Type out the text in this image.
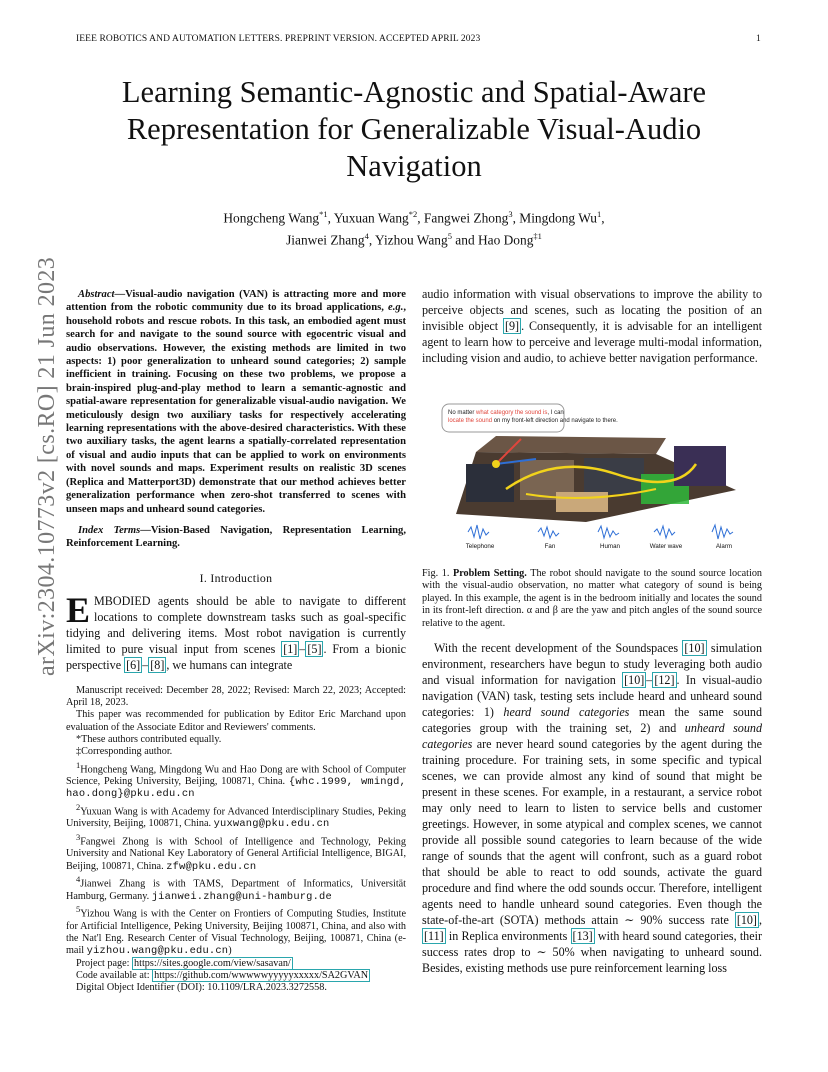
IEEE ROBOTICS AND AUTOMATION LETTERS. PREPRINT VERSION. ACCEPTED APRIL 2023	1
arXiv:2304.10773v2 [cs.RO] 21 Jun 2023
Learning Semantic-Agnostic and Spatial-Aware Representation for Generalizable Visual-Audio Navigation
Hongcheng Wang$^{*1}$, Yuxuan Wang$^{*2}$, Fangwei Zhong$^3$, Mingdong Wu$^1$,
Jianwei Zhang$^4$, Yizhou Wang$^5$ and Hao Dong$^{\ddagger 1}$

Abstract—Visual-audio navigation (VAN) is attracting more and more attention from the robotic community due to its broad applications, e.g., household robots and rescue robots. In this task, an embodied agent must search for and navigate to the sound source with egocentric visual and audio observations. However, the existing methods are limited in two aspects: 1) poor generalization to unheard sound categories; 2) sample inefficient in training. Focusing on these two problems, we propose a brain-inspired plug-and-play method to learn a semantic-agnostic and spatial-aware representation for generalizable visual-audio navigation. We meticulously design two auxiliary tasks for respectively accelerating learning representations with the above-desired characteristics. With these two auxiliary tasks, the agent learns a spatially-correlated representation of visual and audio inputs that can be applied to work on environments with novel sounds and maps. Experiment results on realistic 3D scenes (Replica and Matterport3D) demonstrate that our method achieves better generalization performance when zero-shot transferred to scenes with unseen maps and unheard sound categories.

Index Terms—Vision-Based Navigation, Representation Learning, Reinforcement Learning.

I. Introduction

EMBODIED agents should be able to navigate to different locations to complete downstream tasks such as goal-specific tidying and delivering items. Most robot navigation is currently limited to pure visual input from scenes [1] – [5] . From a bionic perspective [6] – [8] , we humans can integrate

Manuscript received: December 28, 2022; Revised: March 22, 2023; Accepted: April 18, 2023.

This paper was recommended for publication by Editor Eric Marchand upon evaluation of the Associate Editor and Reviewers' comments.

*These authors contributed equally.

‡Corresponding author.

$^1$Hongcheng Wang, Mingdong Wu and Hao Dong are with School of Computer Science, Peking University, Beijing, 100871, China. {whc.1999, wmingd, hao.dong}@pku.edu.cn

$^2$Yuxuan Wang is with Academy for Advanced Interdisciplinary Studies, Peking University, Beijing, 100871, China. yuxwang@pku.edu.cn

$^3$Fangwei Zhong is with School of Intelligence and Technology, Peking University and National Key Laboratory of General Artificial Intelligence, BIGAI, Beijing, 100871, China. zfw@pku.edu.cn

$^4$Jianwei Zhang is with TAMS, Department of Informatics, Universität Hamburg, Germany. jianwei.zhang@uni-hamburg.de

$^5$Yizhou Wang is with the Center on Frontiers of Computing Studies, Institute for Artificial Intelligence, Peking University, Beijing 100871, China, and also with the Nat'l Eng. Research Center of Visual Technology, Beijing, 100871, China (e-mail yizhou.wang@pku.edu.cn)

Project page: https://sites.google.com/view/sasavan/

Code available at: https://github.com/wwwwwyyyyyxxxxx/SA2GVAN

Digital Object Identifier (DOI): 10.1109/LRA.2023.3272558.

audio information with visual observations to improve the ability to perceive objects and scenes, such as locating the position of an invisible object [9] . Consequently, it is advisable for an intelligent agent to learn how to perceive and leverage multi-modal information, including vision and audio, to achieve better navigation performance.

No matter what category the sound is, I can
locate the sound on my front-left direction and navigate to there.
Telephone	Fan	Human	Water wave	Alarm
Fig. 1. Problem Setting. The robot should navigate to the sound source location with the visual-audio observation, no matter what category of sound is being played. In this example, the agent is in the bedroom initially and locates the sound in its front-left direction. α and β are the yaw and pitch angles of the sound source relative to the agent.

With the recent development of the Soundspaces [10] simulation environment, researchers have begun to study leveraging both audio and visual information for navigation [10] – [12] . In visual-audio navigation (VAN) task, testing sets include heard and unheard sound categories: 1) heard sound categories mean the same sound categories group with the training set, 2) and unheard sound categories are never heard sound categories by the agent during the training procedure. For training sets, in some specific and typical scenes, we can provide almost any kind of sound that might be present in these scenes. For example, in a restaurant, a service robot may only need to learn to listen to service bells and customer greetings. However, in some atypical and complex scenes, we cannot provide all possible sound categories to learn because of the wide range of sounds that the agent will confront, such as a guard robot that should be able to react to odd sounds, activate the guard procedure and find where the odd sounds occur. Therefore, intelligent agents need to handle unheard sound categories. Even though the state-of-the-art (SOTA) methods attain ∼ 90% success rate [10] , [11] in Replica environments [13] with heard sound categories, their success rates drop to ∼ 50% when navigating to unheard sound. Besides, existing methods use pure reinforcement learning loss
